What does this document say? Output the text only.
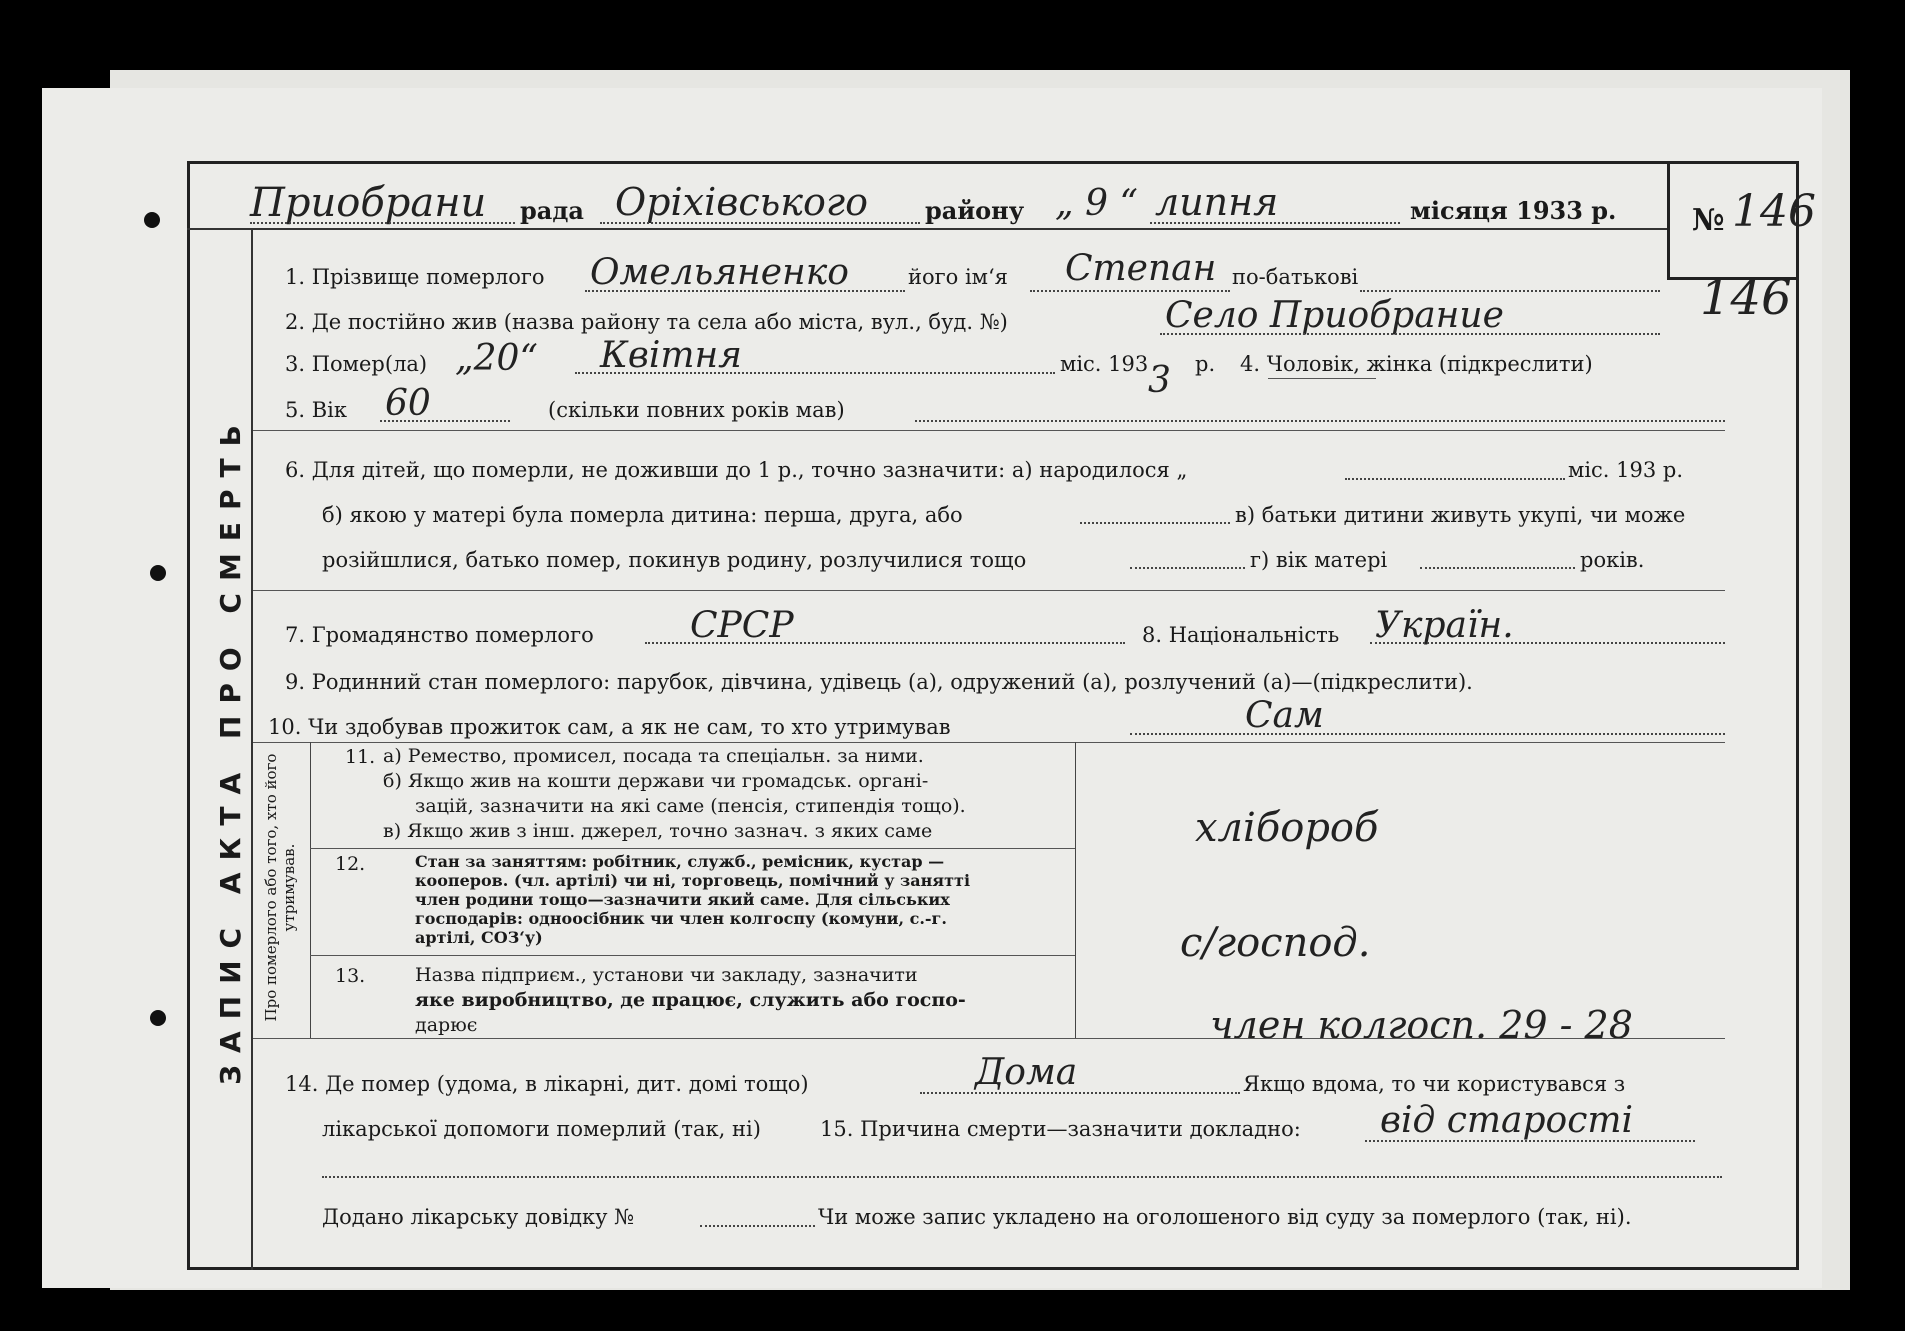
№ 146
146
ЗАПИС АКТА ПРО СМЕРТЬ
Приобрани рада Оріхівського району „ 9 “ липня	місяця 1933 р.
1. Прізвище померлого Омельяненко	його ім‘я Степан по-батькові
2. Де постійно жив (назва району та села або міста, вул., буд. №)	Село Приобрание
3. Помер(ла) „20“ Квітня	міс. 193 3 р. 4. Чоловік, жінка (підкреслити)
5. Вік 60	(скільки повних років мав)
6. Для дітей, що померли, не доживши до 1 р., точно зазначити: а) народилося „	міс. 193 р.
б) якою у матері була померла дитина: перша, друга, або	в) батьки дитини живуть укупі, чи може
розійшлися, батько помер, покинув родину, розлучилися тощо	г) вік матері	років.
7. Громадянство померлого	СРСР	8. Національність Україн.
9. Родинний стан померлого: парубок, дівчина, удівець (а), одружений (а), розлучений (а)—(підкреслити).
10. Чи здобував прожиток сам, а як не сам, то хто утримував	Сам
Про померлого або того, хто його утримував.
11. а) Ремество, промисел, посада та спеціальн. за ними.
б) Якщо жив на кошти держави чи громадськ. органі-
зацій, зазначити на які саме (пенсія, стипендія тощо).
в) Якщо жив з інш. джерел, точно зазнач. з яких саме	хлібороб
12.	Стан за заняттям: робітник, служб., ремісник, кустар —
кооперов. (чл. артілі) чи ні, торговець, помічний у занятті
член родини тощо—зазначити який саме. Для сільських
господарів: одноосібник чи член колгоспу (комуни, с.-г.
артілі, СОЗ‘у)	с/господ.
13.	Назва підприєм., установи чи закладу, зазначити
яке виробництво, де працює, служить або госпо-
дарює	член колгосп. 29 - 28
14. Де помер (удома, в лікарні, дит. домі тощо)	Дома	Якщо вдома, то чи користувався з
лікарської допомоги померлий (так, ні)	15. Причина смерти—зазначити докладно: від старості
Додано лікарську довідку №	Чи може запис укладено на оголошеного від суду за померлого (так, ні).
